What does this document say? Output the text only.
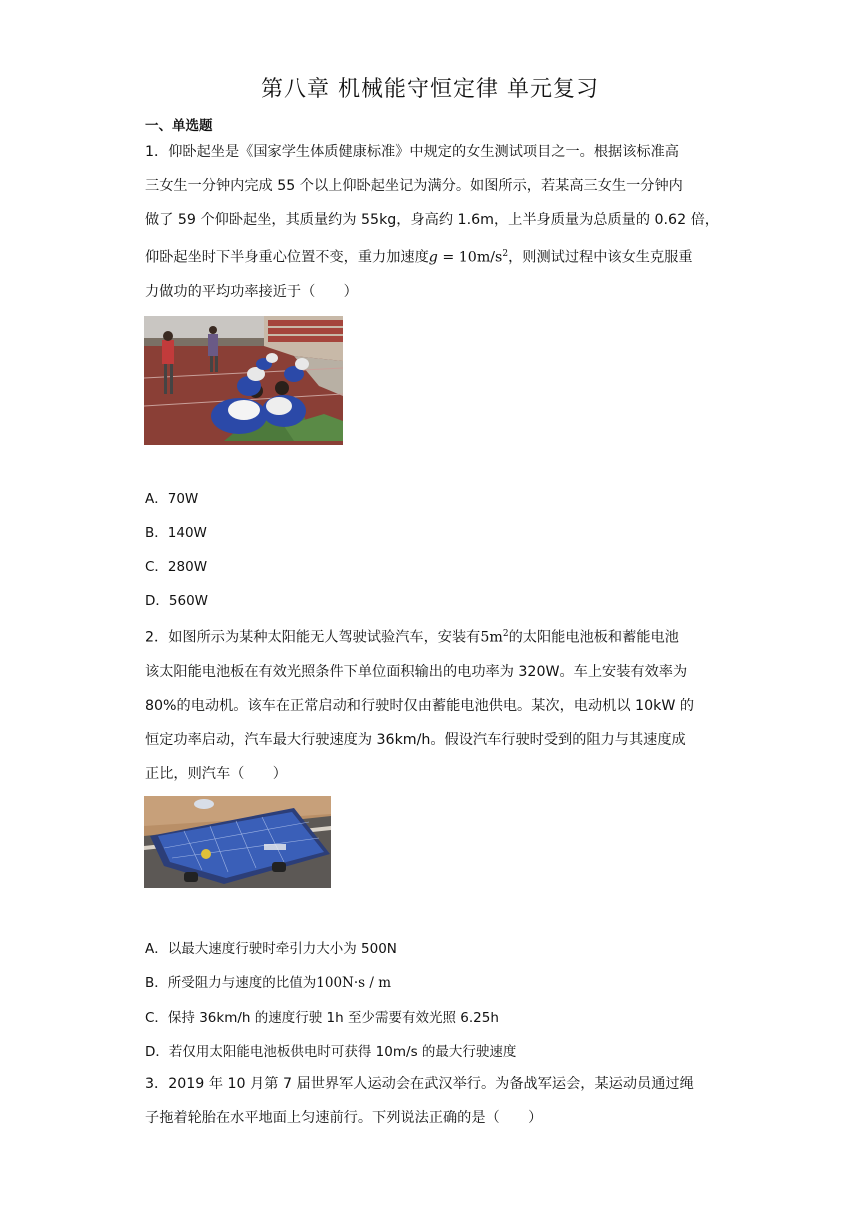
第八章 机械能守恒定律 单元复习
一、单选题
1．仰卧起坐是《国家学生体质健康标准》中规定的女生测试项目之一。根据该标准高
三女生一分钟内完成 55 个以上仰卧起坐记为满分。如图所示，若某高三女生一分钟内
做了 59 个仰卧起坐，其质量约为 55kg，身高约 1.6m，上半身质量为总质量的 0.62 倍，
仰卧起坐时下半身重心位置不变，重力加速度$g = 10m/s^2$，则测试过程中该女生克服重
力做功的平均功率接近于（　　）
A．70W
B．140W
C．280W
D．560W
2．如图所示为某种太阳能无人驾驶试验汽车，安装有$5m^2$的太阳能电池板和蓄能电池
该太阳能电池板在有效光照条件下单位面积输出的电功率为 320W。车上安装有效率为
80%的电动机。该车在正常启动和行驶时仅由蓄能电池供电。某次，电动机以 10kW 的
恒定功率启动，汽车最大行驶速度为 36km/h。假设汽车行驶时受到的阻力与其速度成
正比，则汽车（　　）
A．以最大速度行驶时牵引力大小为 500N
B．所受阻力与速度的比值为100N·s / m
C．保持 36km/h 的速度行驶 1h 至少需要有效光照 6.25h
D．若仅用太阳能电池板供电时可获得 10m/s 的最大行驶速度
3．2019 年 10 月第 7 届世界军人运动会在武汉举行。为备战军运会，某运动员通过绳
子拖着轮胎在水平地面上匀速前行。下列说法正确的是（　　）
